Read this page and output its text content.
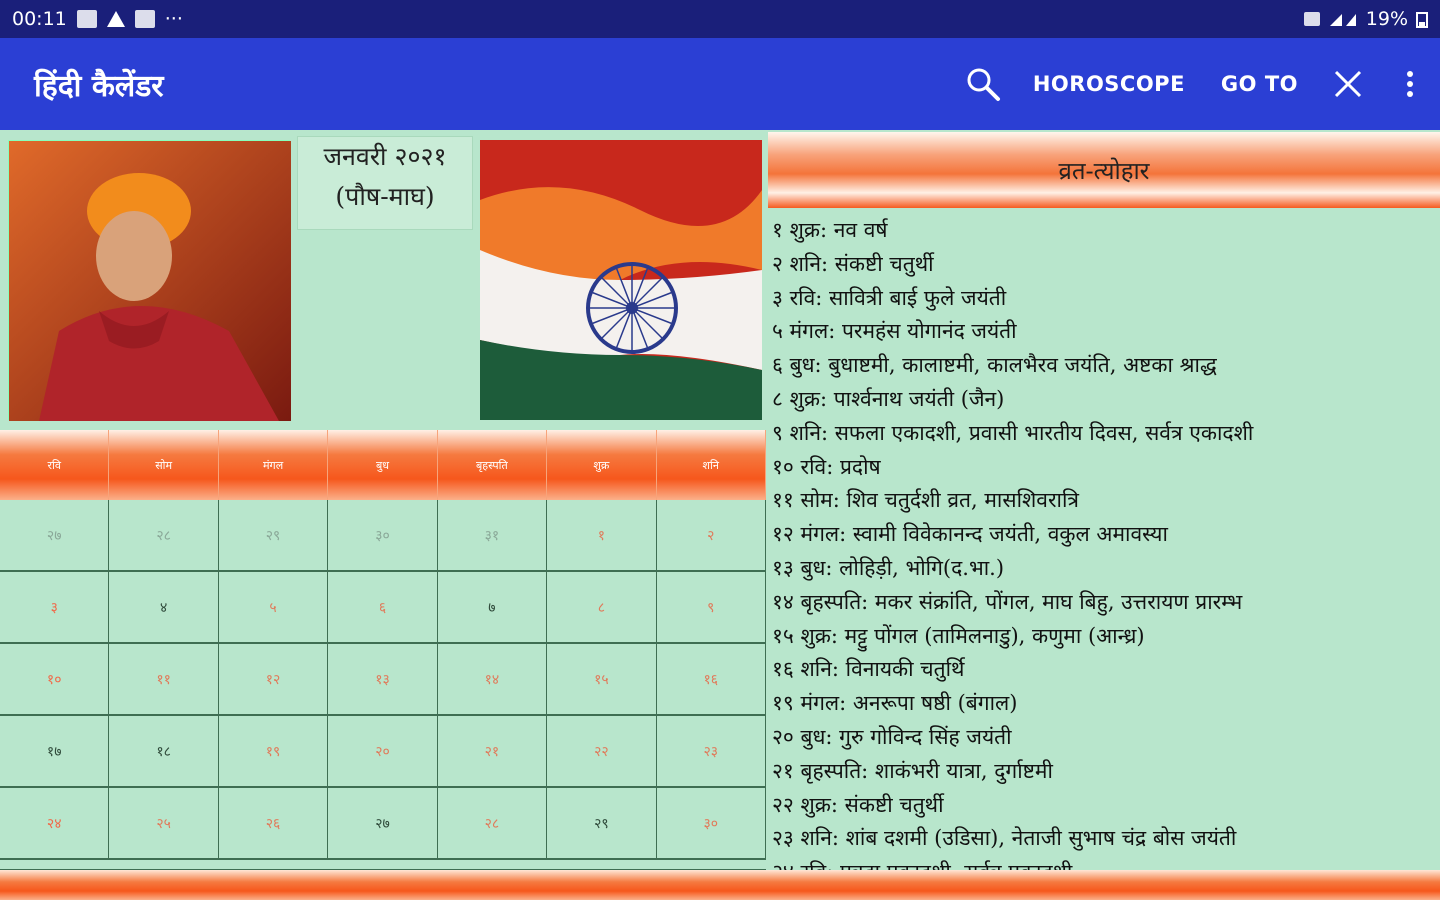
00:11	···	19%
हिंदी कैलेंडर	HOROSCOPE	GO TO
जनवरी २०२१
(पौष-माघ)
रवि	सोम	मंगल	बुध	बृहस्पति	शुक्र	शनि
२७	२८	२९	३०	३१	१	२
३	४	५	६	७	८	९
१०	११	१२	१३	१४	१५	१६
१७	१८	१९	२०	२१	२२	२३
२४	२५	२६	२७	२८	२९	३०
व्रत-त्योहार
१ शुक्र: नव वर्ष
२ शनि: संकष्टी चतुर्थी
३ रवि: सावित्री बाई फुले जयंती
५ मंगल: परमहंस योगानंद जयंती
६ बुध: बुधाष्टमी, कालाष्टमी, कालभैरव जयंति, अष्टका श्राद्ध
८ शुक्र: पार्श्वनाथ जयंती (जैन)
९ शनि: सफला एकादशी, प्रवासी भारतीय दिवस, सर्वत्र एकादशी
१० रवि: प्रदोष
११ सोम: शिव चतुर्दशी व्रत, मासशिवरात्रि
१२ मंगल: स्वामी विवेकानन्द जयंती, वकुल अमावस्या
१३ बुध: लोहिड़ी, भोगि(द.भा.)
१४ बृहस्पति: मकर संक्रांति, पोंगल, माघ बिहु, उत्तरायण प्रारम्भ
१५ शुक्र: मट्टु पोंगल (तामिलनाडु), कणुमा (आन्ध्र)
१६ शनि: विनायकी चतुर्थि
१९ मंगल: अनरूपा षष्ठी (बंगाल)
२० बुध: गुरु गोविन्द सिंह जयंती
२१ बृहस्पति: शाकंभरी यात्रा, दुर्गाष्टमी
२२ शुक्र: संकष्टी चतुर्थी
२३ शनि: शांब दशमी (उडिसा), नेताजी सुभाष चंद्र बोस जयंती
